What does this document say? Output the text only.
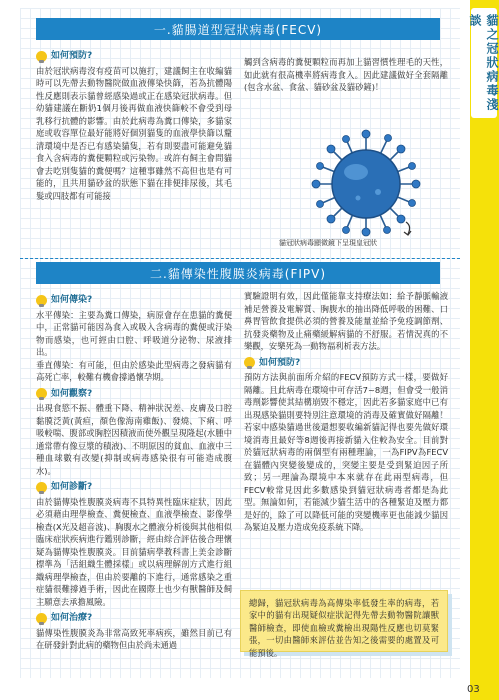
貓之冠狀病毒淺談
一.貓腸道型冠狀病毒(FECV)
如何預防?

由於冠狀病毒沒有疫苗可以施打，建議飼主在收編貓時可以先帶去動物醫院做血液傳染快篩，若為抗體陽性反應則表示貓曾經感染過或正在感染冠狀病毒。但幼貓建議在斷奶1個月後再做血液快篩較不會受到母乳移行抗體的影響。由於此病毒為糞口傳染，多貓家庭或收容單位最好能將好個別貓隻的血液學快篩以釐清環境中是否已有感染貓隻，若有則要盡可能避免貓食入含病毒的糞便顆粒或污染物。或許有飼主會問貓會去吃別隻貓的糞便嗎？這種事雖然不高但也是有可能的，且共用貓砂盆的狀態下貓在排便排尿後，其毛髮或四肢都有可能接

觸到含病毒的糞便顆粒而再加上貓習慣性理毛的天性，如此就有很高機率將病毒食入。因此建議做好全套隔離(包含水盆、食盆、貓砂盆及貓砂鏟)！

貓冠狀病毒顯微鏡下呈現皇冠狀
二.貓傳染性腹膜炎病毒(FIPV)
如何傳染?

水平傳染：主要為糞口傳染，病原會存在患貓的糞便中，正常貓可能因為食入或吸入含病毒的糞便或汙染物而感染，也可經由口腔、呼吸道分泌物、尿液排出。

垂直傳染：有可能，但由於感染此型病毒之發病貓有高死亡率，較難有機會撐過懷孕期。

如何觀察?

出現食慾不振、體重下降、精神狀況差、皮膚及口腔黏膜泛黃(黃疸，顏色像海南雞飯)、發燒、下痢、呼吸較喘、腹部或胸腔因積液而使外觀呈現隆起(水腫中通常帶有像豆漿的積液)、不明原因的貧血、血液中三種血球數有改變(抑制或病毒感染很有可能造成腹水)。

如何診斷?

由於貓傳染性腹膜炎病毒不具特異性臨床症狀，因此必須藉由理學檢查、糞便檢查、血液學檢查、影像學檢查(X光及超音波)、胸腹水之體液分析後與其他相似臨床症狀疾病進行鑑別診斷，經由綜合評估後合理懷疑為貓傳染性腹膜炎。目前貓病學教科書上美金診斷標準為「活組織生體採樣」或以病理解剖方式進行組織病理學檢查，但由於要離的下進行，通常感染之重症貓很難撐過手術，因此在國際上也少有獸醫師及飼主願意去承擔風險。

如何治療?

貓傳染性腹膜炎為非常高致死率病疾，雖然目前已有在研發針對此病的藥物但由於尚未通過

實驗證明有效，因此僅能靠支持療法如：給予靜脈輸液補足營養及電解質、胸腹水的抽出降低呼吸的困難、口鼻胃管飲食提供必須的營養及能量並給予免疫調節劑、抗發炎藥物及止痛藥緩解病貓的不舒服。若情況真的不樂觀，安樂死為一動物福利析表方法。

如何預防?

預防方法與前面所介紹的FECV預防方式一樣，要做好隔離。且此病毒在環境中可存活7~8週，但會受一般消毒劑影響使其結構崩毀不穩定，因此若多貓家庭中已有出現感染貓則要特別注意環境的消毒及確實做好隔離！若家中感染貓過世後還想要收編新貓記得也要先做好環境消毒且最好等8週後再接新貓入住較為安全。目前對於貓冠狀病毒的兩個型有兩種理論，一為FIPV為FECV在貓體內突變後變成的，突變主要是受到緊迫因子所致；另一理論為環境中本來就存在此兩型病毒，但FECV較常見因此多數感染到貓冠狀病毒者都是為此型。無論如何，若能減少貓生活中的各種緊迫及壓力都是好的，除了可以降低可能的突變機率更也能減少貓因為緊迫及壓力造成免疫系統下降。

總歸，貓冠狀病毒為高傳染率低發生率的病毒，若家中的貓有出現疑似症狀記得先帶去動物醫院讓獸醫師檢查，即使血檢或糞檢出現陽性反應也切莫緊張，一切由醫師來評估並告知之後需要的處置及可能預後。
03
